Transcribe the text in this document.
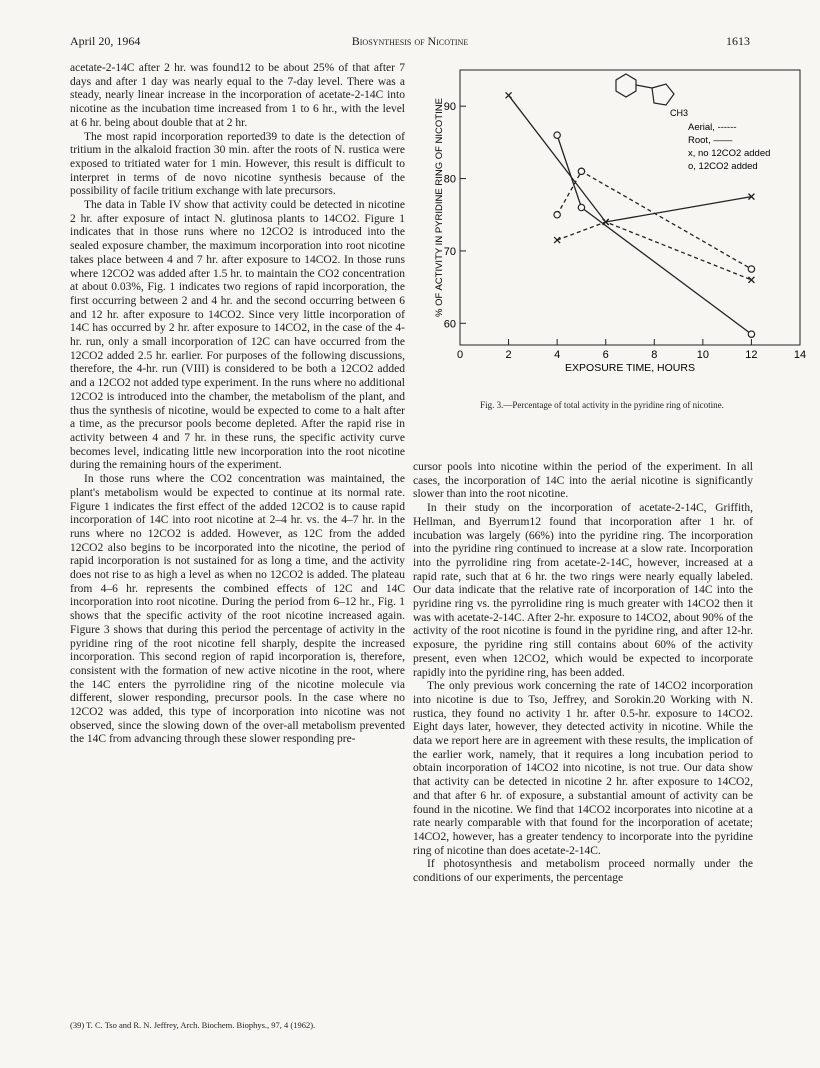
April 20, 1964	Biosynthesis of Nicotine	1613

acetate-2-14C after 2 hr. was found12 to be about 25% of that after 7 days and after 1 day was nearly equal to the 7-day level. There was a steady, nearly linear increase in the incorporation of acetate-2-14C into nicotine as the incubation time increased from 1 to 6 hr., with the level at 6 hr. being about double that at 2 hr.

The most rapid incorporation reported39 to date is the detection of tritium in the alkaloid fraction 30 min. after the roots of N. rustica were exposed to tritiated water for 1 min. However, this result is difficult to interpret in terms of de novo nicotine synthesis because of the possibility of facile tritium exchange with late precursors.

The data in Table IV show that activity could be detected in nicotine 2 hr. after exposure of intact N. glutinosa plants to 14CO2. Figure 1 indicates that in those runs where no 12CO2 is introduced into the sealed exposure chamber, the maximum incorporation into root nicotine takes place between 4 and 7 hr. after exposure to 14CO2. In those runs where 12CO2 was added after 1.5 hr. to maintain the CO2 concentration at about 0.03%, Fig. 1 indicates two regions of rapid incorporation, the first occurring between 2 and 4 hr. and the second occurring between 6 and 12 hr. after exposure to 14CO2. Since very little incorporation of 14C has occurred by 2 hr. after exposure to 14CO2, in the case of the 4-hr. run, only a small incorporation of 12C can have occurred from the 12CO2 added 2.5 hr. earlier. For purposes of the following discussions, therefore, the 4-hr. run (VIII) is considered to be both a 12CO2 added and a 12CO2 not added type experiment. In the runs where no additional 12CO2 is introduced into the chamber, the metabolism of the plant, and thus the synthesis of nicotine, would be expected to come to a halt after a time, as the precursor pools become depleted. After the rapid rise in activity between 4 and 7 hr. in these runs, the specific activity curve becomes level, indicating little new incorporation into the root nicotine during the remaining hours of the experiment.

In those runs where the CO2 concentration was maintained, the plant's metabolism would be expected to continue at its normal rate. Figure 1 indicates the first effect of the added 12CO2 is to cause rapid incorporation of 14C into root nicotine at 2–4 hr. vs. the 4–7 hr. in the runs where no 12CO2 is added. However, as 12C from the added 12CO2 also begins to be incorporated into the nicotine, the period of rapid incorporation is not sustained for as long a time, and the activity does not rise to as high a level as when no 12CO2 is added. The plateau from 4–6 hr. represents the combined effects of 12C and 14C incorporation into root nicotine. During the period from 6–12 hr., Fig. 1 shows that the specific activity of the root nicotine increased again. Figure 3 shows that during this period the percentage of activity in the pyridine ring of the root nicotine fell sharply, despite the increased incorporation. This second region of rapid incorporation is, therefore, consistent with the formation of new active nicotine in the root, where the 14C enters the pyrrolidine ring of the nicotine molecule via different, slower responding, precursor pools. In the case where no 12CO2 was added, this type of incorporation into nicotine was not observed, since the slowing down of the over-all metabolism prevented the 14C from advancing through these slower responding pre-

(39) T. C. Tso and R. N. Jeffrey, Arch. Biochem. Biophys., 97, 4 (1962).
0	2	4	6	8	10	12	14
60
70
80
90
EXPOSURE TIME, HOURS
% OF ACTIVITY IN PYRIDINE RING OF NICOTINE	CH3
Aerial, ------
Root, ——
x, no 12CO2 added
o, 12CO2 added
Fig. 3.—Percentage of total activity in the pyridine ring of nicotine.

cursor pools into nicotine within the period of the experiment. In all cases, the incorporation of 14C into the aerial nicotine is significantly slower than into the root nicotine.

In their study on the incorporation of acetate-2-14C, Griffith, Hellman, and Byerrum12 found that incorporation after 1 hr. of incubation was largely (66%) into the pyridine ring. The incorporation into the pyridine ring continued to increase at a slow rate. Incorporation into the pyrrolidine ring from acetate-2-14C, however, increased at a rapid rate, such that at 6 hr. the two rings were nearly equally labeled. Our data indicate that the relative rate of incorporation of 14C into the pyridine ring vs. the pyrrolidine ring is much greater with 14CO2 then it was with acetate-2-14C. After 2-hr. exposure to 14CO2, about 90% of the activity of the root nicotine is found in the pyridine ring, and after 12-hr. exposure, the pyridine ring still contains about 60% of the activity present, even when 12CO2, which would be expected to incorporate rapidly into the pyridine ring, has been added.

The only previous work concerning the rate of 14CO2 incorporation into nicotine is due to Tso, Jeffrey, and Sorokin.20 Working with N. rustica, they found no activity 1 hr. after 0.5-hr. exposure to 14CO2. Eight days later, however, they detected activity in nicotine. While the data we report here are in agreement with these results, the implication of the earlier work, namely, that it requires a long incubation period to obtain incorporation of 14CO2 into nicotine, is not true. Our data show that activity can be detected in nicotine 2 hr. after exposure to 14CO2, and that after 6 hr. of exposure, a substantial amount of activity can be found in the nicotine. We find that 14CO2 incorporates into nicotine at a rate nearly comparable with that found for the incorporation of acetate; 14CO2, however, has a greater tendency to incorporate into the pyridine ring of nicotine than does acetate-2-14C.

If photosynthesis and metabolism proceed normally under the conditions of our experiments, the percentage
